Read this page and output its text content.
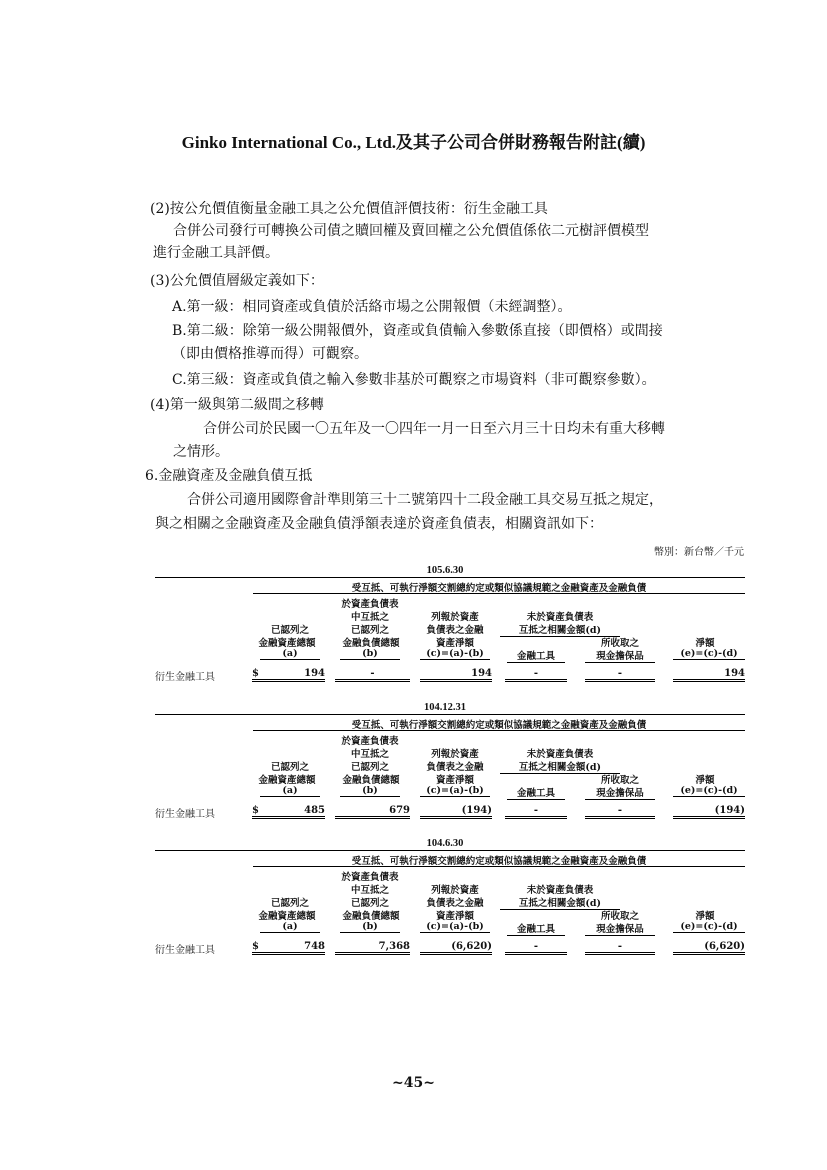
Ginko International Co., Ltd.及其子公司合併財務報告附註(續)
(2)按公允價值衡量金融工具之公允價值評價技術：衍生金融工具
合併公司發行可轉換公司債之贖回權及賣回權之公允價值係依二元樹評價模型
進行金融工具評價。
(3)公允價值層級定義如下：
A.第一級：相同資產或負債於活絡市場之公開報價（未經調整）。
B.第二級：除第一級公開報價外，資產或負債輸入參數係直接（即價格）或間接
（即由價格推導而得）可觀察。
C.第三級：資產或負債之輸入參數非基於可觀察之市場資料（非可觀察參數）。
(4)第一級與第二級間之移轉
合併公司於民國一〇五年及一〇四年一月一日至六月三十日均未有重大移轉
之情形。
6.金融資產及金融負債互抵
合併公司適用國際會計準則第三十二號第四十二段金融工具交易互抵之規定，
與之相關之金融資產及金融負債淨額表達於資產負債表，相關資訊如下：
幣別：新台幣／千元
105.6.30
受互抵、可執行淨額交割總約定或類似協議規範之金融資產及金融負債
於資產負債表
中互抵之	列報於資產	未於資產負債表
已認列之	已認列之	負債表之金融	互抵之相關金額(d)
金融資產總額	金融負債總額	資產淨額	所收取之	淨額
(a)	(b)	(c)=(a)-(b)	金融工具	現金擔保品	(e)=(c)-(d)
衍生金融工具	$	194	-	194	-	-	194
104.12.31
受互抵、可執行淨額交割總約定或類似協議規範之金融資產及金融負債
於資產負債表
中互抵之	列報於資產	未於資產負債表
已認列之	已認列之	負債表之金融	互抵之相關金額(d)
金融資產總額	金融負債總額	資產淨額	所收取之	淨額
(a)	(b)	(c)=(a)-(b)	金融工具	現金擔保品	(e)=(c)-(d)
衍生金融工具	$	485	679	(194)	-	-	(194)
104.6.30
受互抵、可執行淨額交割總約定或類似協議規範之金融資產及金融負債
於資產負債表
中互抵之	列報於資產	未於資產負債表
已認列之	已認列之	負債表之金融	互抵之相關金額(d)
金融資產總額	金融負債總額	資產淨額	所收取之	淨額
(a)	(b)	(c)=(a)-(b)	金融工具	現金擔保品	(e)=(c)-(d)
衍生金融工具	$	748	7,368	(6,620)	-	-	(6,620)
~45~
